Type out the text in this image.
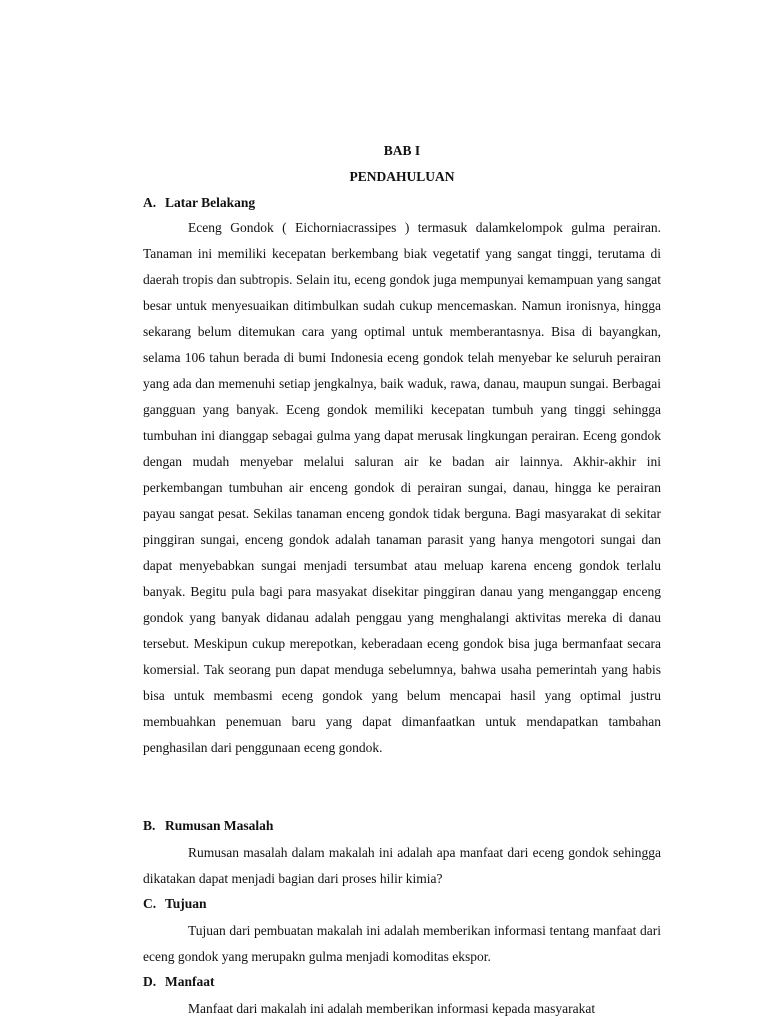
BAB I
PENDAHULUAN
A. Latar Belakang

Eceng Gondok ( Eichorniacrassipes ) termasuk dalamkelompok gulma perairan. Tanaman ini memiliki kecepatan berkembang biak vegetatif yang sangat tinggi, terutama di daerah tropis dan subtropis. Selain itu, eceng gondok juga mempunyai kemampuan yang sangat besar untuk menyesuaikan ditimbulkan sudah cukup mencemaskan. Namun ironisnya, hingga sekarang belum ditemukan cara yang optimal untuk memberantasnya. Bisa di bayangkan, selama 106 tahun berada di bumi Indonesia eceng gondok telah menyebar ke seluruh perairan yang ada dan memenuhi setiap jengkalnya, baik waduk, rawa, danau, maupun sungai. Berbagai gangguan yang banyak. Eceng gondok memiliki kecepatan tumbuh yang tinggi sehingga tumbuhan ini dianggap sebagai gulma yang dapat merusak lingkungan perairan. Eceng gondok dengan mudah menyebar melalui saluran air ke badan air lainnya. Akhir-akhir ini perkembangan tumbuhan air enceng gondok di perairan sungai, danau, hingga ke perairan payau sangat pesat. Sekilas tanaman enceng gondok tidak berguna. Bagi masyarakat di sekitar pinggiran sungai, enceng gondok adalah tanaman parasit yang hanya mengotori sungai dan dapat menyebabkan sungai menjadi tersumbat atau meluap karena enceng gondok terlalu banyak. Begitu pula bagi para masyakat disekitar pinggiran danau yang menganggap enceng gondok yang banyak didanau adalah penggau yang menghalangi aktivitas mereka di danau tersebut. Meskipun cukup merepotkan, keberadaan eceng gondok bisa juga bermanfaat secara komersial. Tak seorang pun dapat menduga sebelumnya, bahwa usaha pemerintah yang habis bisa untuk membasmi eceng gondok yang belum mencapai hasil yang optimal justru membuahkan penemuan baru yang dapat dimanfaatkan untuk mendapatkan tambahan penghasilan dari penggunaan eceng gondok.

B. Rumusan Masalah

Rumusan masalah dalam makalah ini adalah apa manfaat dari eceng gondok sehingga dikatakan dapat menjadi bagian dari proses hilir kimia?

C. Tujuan

Tujuan dari pembuatan makalah ini adalah memberikan informasi tentang manfaat dari eceng gondok yang merupakn gulma menjadi komoditas ekspor.

D. Manfaat

Manfaat dari makalah ini adalah memberikan informasi kepada masyarakat
